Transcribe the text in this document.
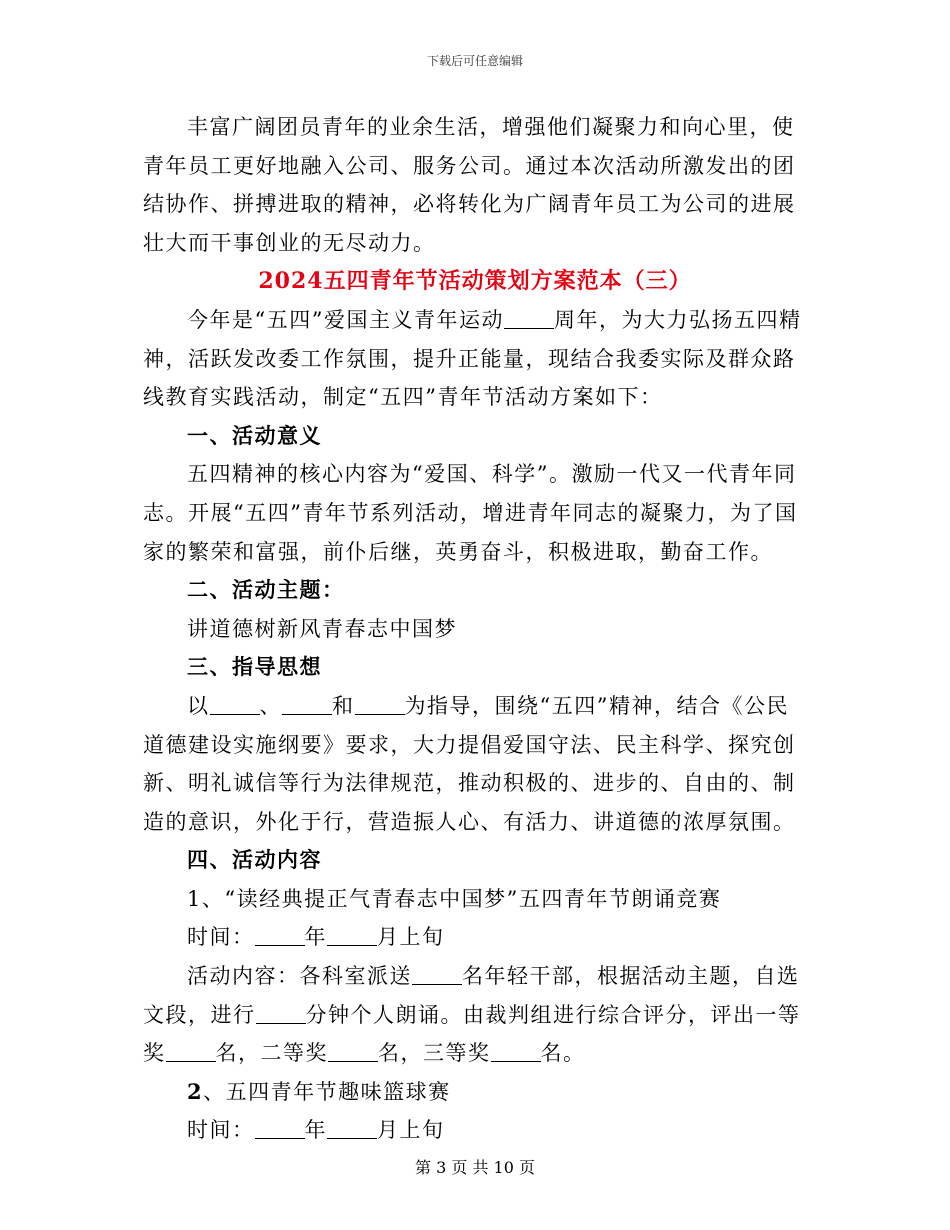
下载后可任意编辑

丰富广阔团员青年的业余生活，增强他们凝聚力和向心里，使青年员工更好地融入公司、服务公司。通过本次活动所激发出的团结协作、拼搏进取的精神，必将转化为广阔青年员工为公司的进展壮大而干事创业的无尽动力。

2024五四青年节活动策划方案范本（三）

今年是“五四”爱国主义青年运动 周年，为大力弘扬五四精神，活跃发改委工作氛围，提升正能量，现结合我委实际及群众路线教育实践活动，制定“五四”青年节活动方案如下：

一、活动意义

五四精神的核心内容为“爱国、科学”。激励一代又一代青年同志。开展“五四”青年节系列活动，增进青年同志的凝聚力，为了国家的繁荣和富强，前仆后继，英勇奋斗，积极进取，勤奋工作。

二、活动主题：

讲道德树新风青春志中国梦

三、指导思想

以 、 和 为指导，围绕“五四”精神，结合《公民道德建设实施纲要》要求，大力提倡爱国守法、民主科学、探究创新、明礼诚信等行为法律规范，推动积极的、进步的、自由的、制造的意识，外化于行，营造振人心、有活力、讲道德的浓厚氛围。

四、活动内容

1、“读经典提正气青春志中国梦”五四青年节朗诵竞赛

时间： 年 月上旬

活动内容：各科室派送 名年轻干部，根据活动主题，自选文段，进行 分钟个人朗诵。由裁判组进行综合评分，评出一等奖 名，二等奖 名，三等奖 名。

2、五四青年节趣味篮球赛

时间： 年 月上旬

第 3 页 共 10 页
